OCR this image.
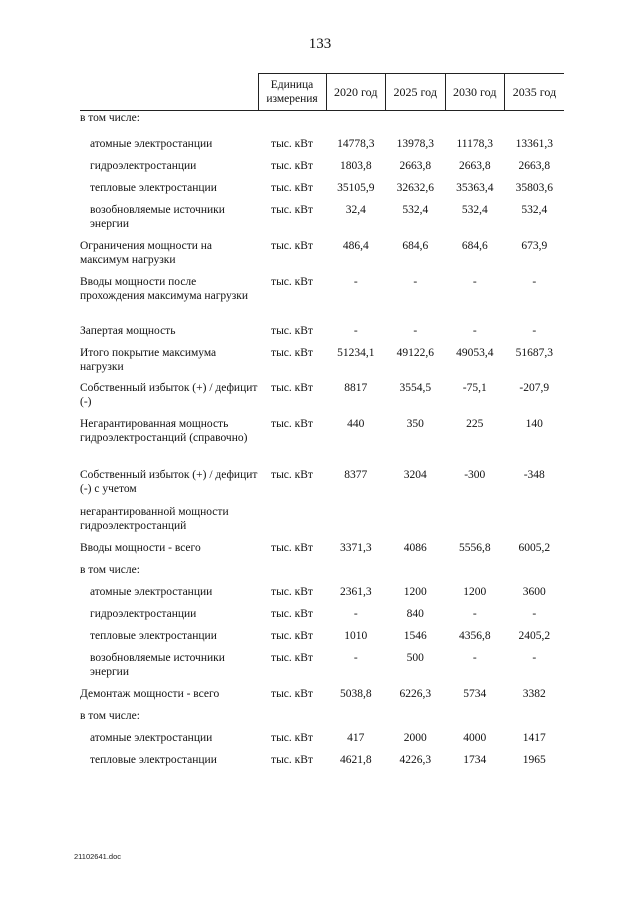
133
	Единица измерения	2020 год	2025 год	2030 год	2035 год
в том числе:					
атомные электростанции	тыс. кВт	14778,3	13978,3	11178,3	13361,3
гидроэлектростанции	тыс. кВт	1803,8	2663,8	2663,8	2663,8
тепловые электростанции	тыс. кВт	35105,9	32632,6	35363,4	35803,6
возобновляемые источники энергии	тыс. кВт	32,4	532,4	532,4	532,4
Ограничения мощности на максимум нагрузки	тыс. кВт	486,4	684,6	684,6	673,9
Вводы мощности после прохождения максимума нагрузки	тыс. кВт	-	-	-	-
Запертая мощность	тыс. кВт	-	-	-	-
Итого покрытие максимума нагрузки	тыс. кВт	51234,1	49122,6	49053,4	51687,3
Собственный избыток (+) / дефицит (-)	тыс. кВт	8817	3554,5	-75,1	-207,9
Негарантированная мощность гидроэлектростанций (справочно)	тыс. кВт	440	350	225	140
Собственный избыток (+) / дефицит (-) с учетом	тыс. кВт	8377	3204	-300	-348
негарантированной мощности гидроэлектростанций					
Вводы мощности - всего	тыс. кВт	3371,3	4086	5556,8	6005,2
в том числе:					
атомные электростанции	тыс. кВт	2361,3	1200	1200	3600
гидроэлектростанции	тыс. кВт	-	840	-	-
тепловые электростанции	тыс. кВт	1010	1546	4356,8	2405,2
возобновляемые источники энергии	тыс. кВт	-	500	-	-
Демонтаж мощности - всего	тыс. кВт	5038,8	6226,3	5734	3382
в том числе:					
атомные электростанции	тыс. кВт	417	2000	4000	1417
тепловые электростанции	тыс. кВт	4621,8	4226,3	1734	1965
21102641.doc
